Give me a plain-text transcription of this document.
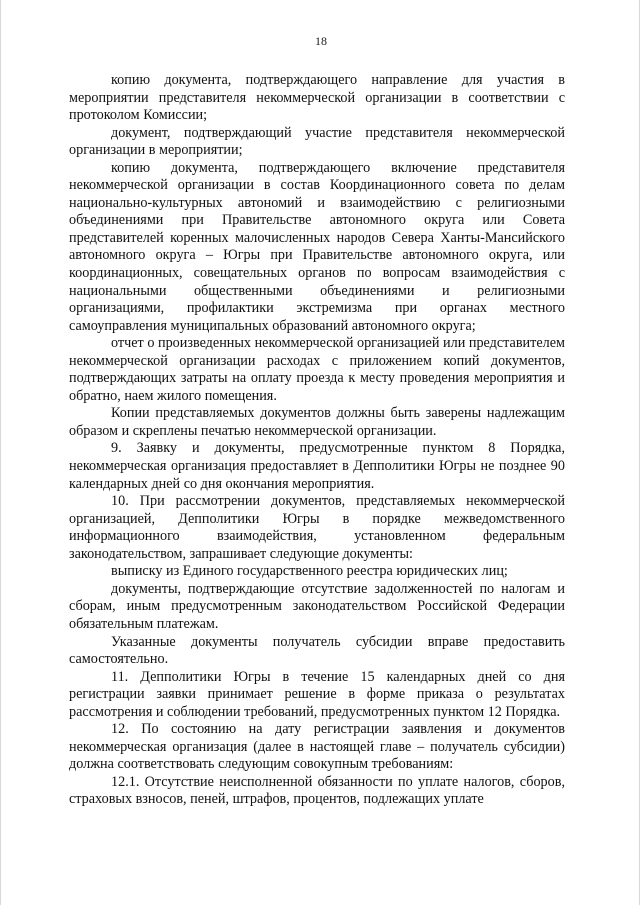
18

копию документа, подтверждающего направление для участия в мероприятии представителя некоммерческой организации в соответствии с протоколом Комиссии;

документ, подтверждающий участие представителя некоммерческой организации в мероприятии;

копию документа, подтверждающего включение представителя некоммерческой организации в состав Координационного совета по делам национально-культурных автономий и взаимодействию с религиозными объединениями при Правительстве автономного округа или Совета представителей коренных малочисленных народов Севера Ханты-Мансийского автономного округа – Югры при Правительстве автономного округа, или координационных, совещательных органов по вопросам взаимодействия с национальными общественными объединениями и религиозными организациями, профилактики экстремизма при органах местного самоуправления муниципальных образований автономного округа;

отчет о произведенных некоммерческой организацией или представителем некоммерческой организации расходах с приложением копий документов, подтверждающих затраты на оплату проезда к месту проведения мероприятия и обратно, наем жилого помещения.

Копии представляемых документов должны быть заверены надлежащим образом и скреплены печатью некоммерческой организации.

9. Заявку и документы, предусмотренные пунктом 8 Порядка, некоммерческая организация предоставляет в Депполитики Югры не позднее 90 календарных дней со дня окончания мероприятия.

10. При рассмотрении документов, представляемых некоммерческой организацией, Депполитики Югры в порядке межведомственного информационного взаимодействия, установленном федеральным законодательством, запрашивает следующие документы:

выписку из Единого государственного реестра юридических лиц;

документы, подтверждающие отсутствие задолженностей по налогам и сборам, иным предусмотренным законодательством Российской Федерации обязательным платежам.

Указанные документы получатель субсидии вправе предоставить самостоятельно.

11. Депполитики Югры в течение 15 календарных дней со дня регистрации заявки принимает решение в форме приказа о результатах рассмотрения и соблюдении требований, предусмотренных пунктом 12 Порядка.

12. По состоянию на дату регистрации заявления и документов некоммерческая организация (далее в настоящей главе – получатель субсидии) должна соответствовать следующим совокупным требованиям:

12.1. Отсутствие неисполненной обязанности по уплате налогов, сборов, страховых взносов, пеней, штрафов, процентов, подлежащих уплате
